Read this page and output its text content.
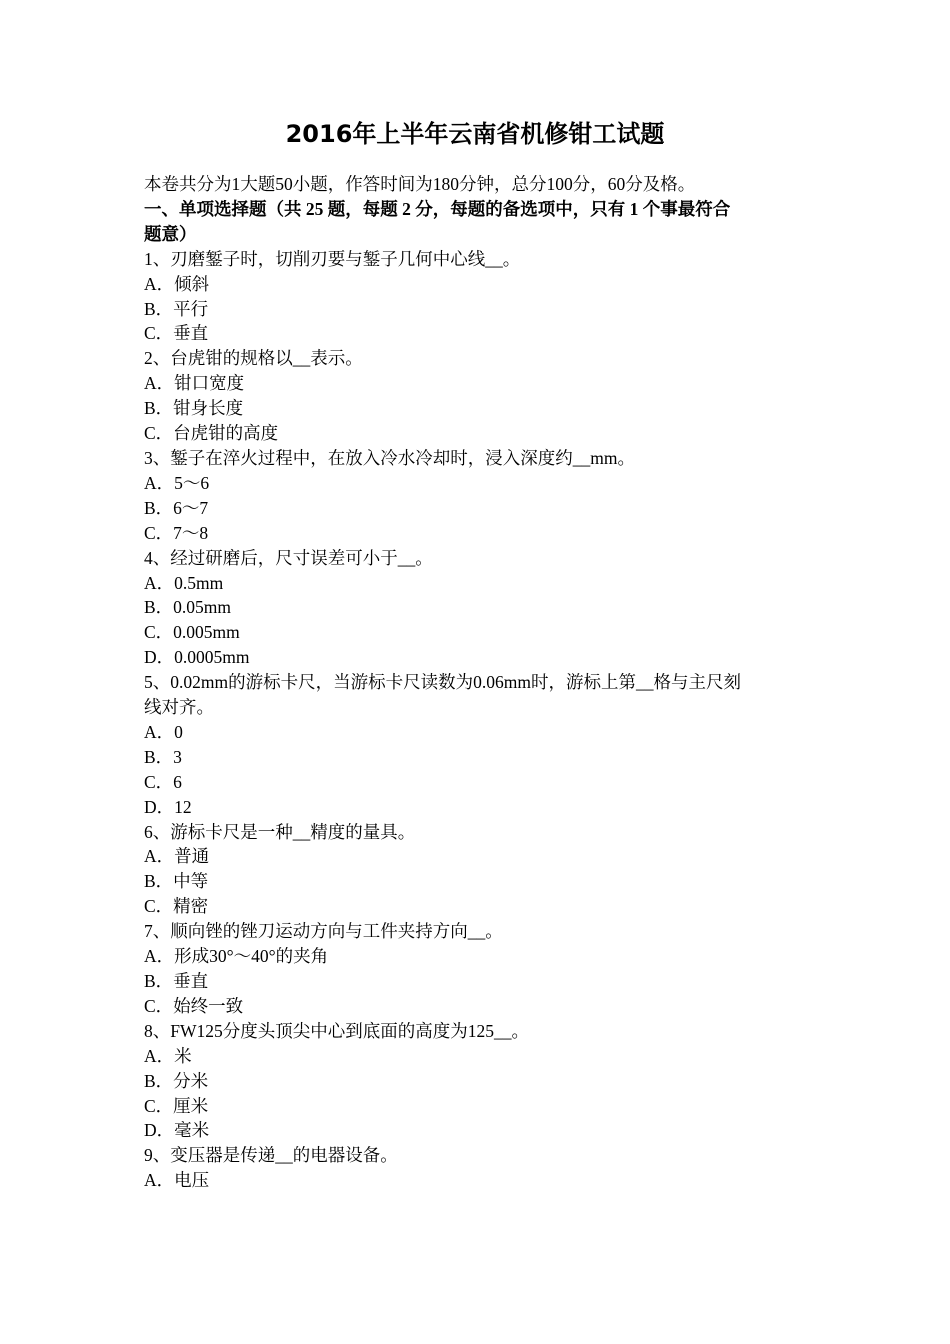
2016年上半年云南省机修钳工试题
本卷共分为1大题50小题，作答时间为180分钟，总分100分，60分及格。
一、单项选择题（共 25 题，每题 2 分，每题的备选项中，只有 1 个事最符合
题意）
1、刃磨錾子时，切削刃要与錾子几何中心线__。
A．倾斜
B．平行
C．垂直
2、台虎钳的规格以__表示。
A．钳口宽度
B．钳身长度
C．台虎钳的高度
3、錾子在淬火过程中，在放入冷水冷却时，浸入深度约__mm。
A．5～6
B．6～7
C．7～8
4、经过研磨后，尺寸误差可小于__。
A．0.5mm
B．0.05mm
C．0.005mm
D．0.0005mm
5、0.02mm的游标卡尺，当游标卡尺读数为0.06mm时，游标上第__格与主尺刻
线对齐。
A．0
B．3
C．6
D．12
6、游标卡尺是一种__精度的量具。
A．普通
B．中等
C．精密
7、顺向锉的锉刀运动方向与工件夹持方向__。
A．形成30°～40°的夹角
B．垂直
C．始终一致
8、FW125分度头顶尖中心到底面的高度为125__。
A．米
B．分米
C．厘米
D．毫米
9、变压器是传递__的电器设备。
A．电压
